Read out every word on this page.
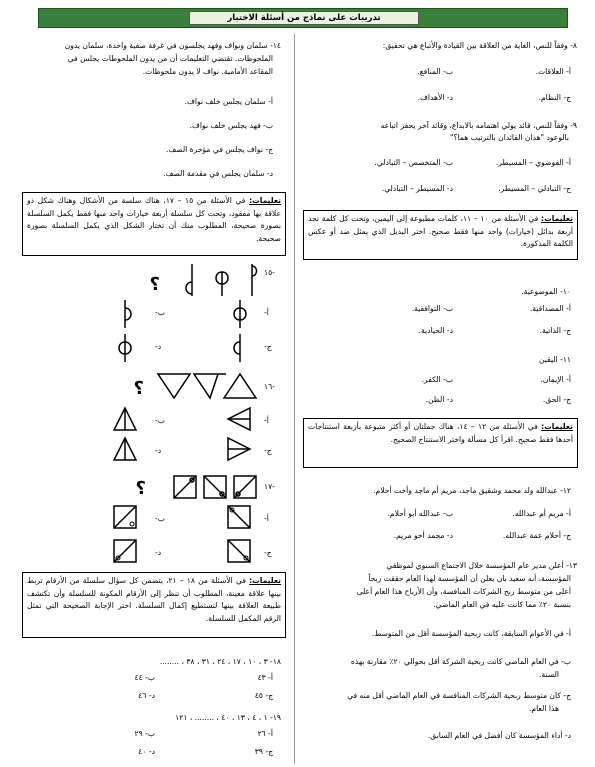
تدريبات على نماذج من أسئلة الاختبار
٨- وفقاً للنص، الغاية من العلاقة بين القيادة والأتباع هي تحقيق:
أ- العلاقات.
ب- المنافع.
ج- النظام.
د- الأهداف.
٩- وفقاً للنص، قائد يولي اهتمامه بالابداع، وقائد آخر يحفز اتباعه
بالوعود "هذان القائدان بالترتيب هما؟"
أ- الفوضوي – المسيطر.
ب- المتخصص – التبادلي.
ج- التبادلي – المسيطر.
د- المسيطر – التبادلي.
تعليمات: في الأسئلة من ١٠ – ١١، كلمات مطبوعة إلى اليمين، وتحت كل كلمة تجد أربعة بدائل (خيارات) واحد منها فقط صحيح. اختر البديل الذي يمثل ضد أو عكس الكلمة المذكورة.
١٠- الموضوعية.
أ- المصداقية.
ب- التوافقية.
ج- الذاتية.
د- الحيادية.
١١- اليقين
أ- الإيمان.
ب- الكفر.
ج- الحق.
د- الظن.
تعليمات: في الأسئلة من ١٢ – ١٤، هناك جملتان أو أكثر متبوعة بأربعة استنتاجات أحدها فقط صحيح. اقرأ كل مسألة واختر الاستنتاج الصحيح.
١٢- عبدالله ولد محمد وشقيق ماجد، مريم أم ماجد وأخت أحلام.
أ- مريم أم عبدالله.
ب- عبدالله أبو أحلام.
ج- أحلام عمة عبدالله.
د- محمد أخو مريم.
١٣- أعلن مدير عام المؤسسة خلال الاجتماع السنوي لموظفي
المؤسسة، أنه سعيد بان يعلن أن المؤسسة لهذا العام حققت ربحاً
أعلى من متوسط ربح الشركات المنافسة، وأن الأرباح هذا العام أعلى
بنسبة ٢٠٪ مما كانت عليه في العام الماضي.
أ- في الأعوام السابقة، كانت ربحية المؤسسة أقل من المتوسط.
ب- في العام الماضي كانت ربحية الشركة أقل بحوالي ٢٠٪ مقارنة بهذه
السنة.
ج- كان متوسط ربحية الشركات المنافسة في العام الماضي أقل منه في
هذا العام.
د- أداء المؤسسة كان أفضل في العام السابق.
١٤- سلمان ونواف وفهد يجلسون في غرفة صفية واحدة، سلمان يدون
الملحوظات. تقتضي التعليمات أن من يدون الملحوظات يجلس في
المقاعد الأمامية. نواف لا يدون ملحوظات.
أ- سلمان يجلس خلف نواف.
ب- فهد يجلس خلف نواف.
ج- نواف يجلس في مؤخرة الصف.
د- سلمان يجلس في مقدمة الصف.
تعليمات: في الأسئلة من ١٥ – ١٧، هناك سلسة من الأشكال وهناك شكل ذو علاقة بها مفقود، وتحت كل سلسلة أربعة خيارات واحد منها فقط يكمل السلسلة بصورة صحيحة، المطلوب منك أن تختار الشكل الذي يكمل السلسلة بصورة صحيحة.
-١٥
؟
أ-
ب-
ج-
د-
-١٦
؟
أ-
ب-
ج-
د-
-١٧
؟
أ-
ب-
ج-
د-
تعليمات: في الأسئلة من ١٨ – ٢١، يتضمن كل سؤال سلسلة من الأرقام تربط بينها علاقة معينة، المطلوب أن تنظر إلى الأرقام المكونة للسلسلة وأن تكتشف طبيعة العلاقة بينها لتستطيع إكمال السلسلة. اختر الإجابة الصحيحة التي تمثل الرقم المكمل للسلسلة.
١٨- ٣ ، ١٠ ، ١٧ ، ٢٤ ، ٣١ ، ٣٨ ، ........
أ- ٤٣
ب- ٤٤
ج- ٤٥
د- ٤٦
١٩- ١ ، ٤ ، ١٣ ، ٤٠ ، ........ ، ١٢١
أ- ٢٦
ب- ٢٩
ج- ٣٩
د- ٤٠
